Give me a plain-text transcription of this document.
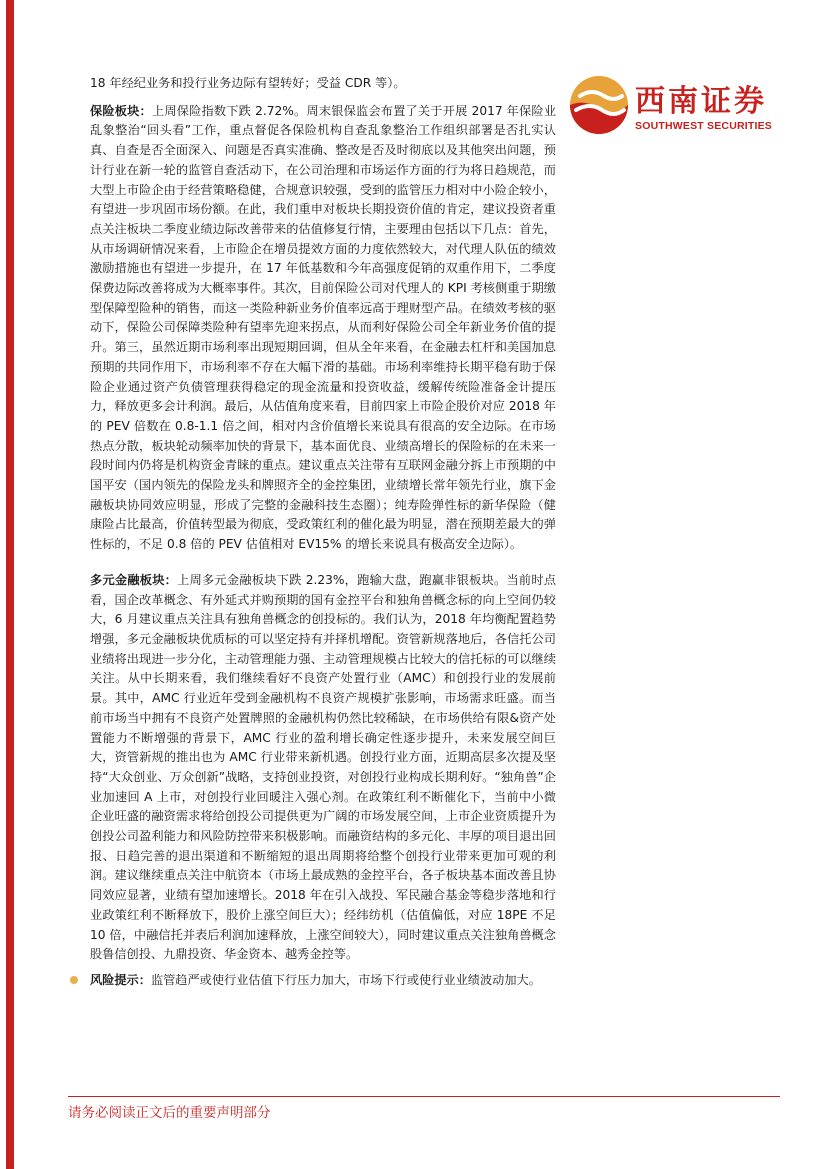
西南证券
SOUTHWEST SECURITIES

18 年经纪业务和投行业务边际有望转好；受益 CDR 等）。

保险板块：上周保险指数下跌 2.72%。周末银保监会布置了关于开展 2017 年保险业乱象整治“回头看”工作，重点督促各保险机构自查乱象整治工作组织部署是否扎实认真、自查是否全面深入、问题是否真实准确、整改是否及时彻底以及其他突出问题，预计行业在新一轮的监管自查活动下，在公司治理和市场运作方面的行为将日趋规范，而大型上市险企由于经营策略稳健，合规意识较强，受到的监管压力相对中小险企较小，有望进一步巩固市场份额。在此，我们重申对板块长期投资价值的肯定，建议投资者重点关注板块二季度业绩边际改善带来的估值修复行情，主要理由包括以下几点：首先，从市场调研情况来看，上市险企在增员提效方面的力度依然较大，对代理人队伍的绩效激励措施也有望进一步提升，在 17 年低基数和今年高强度促销的双重作用下，二季度保费边际改善将成为大概率事件。其次，目前保险公司对代理人的 KPI 考核侧重于期缴型保障型险种的销售，而这一类险种新业务价值率远高于理财型产品。在绩效考核的驱动下，保险公司保障类险种有望率先迎来拐点，从而利好保险公司全年新业务价值的提升。第三，虽然近期市场利率出现短期回调，但从全年来看，在金融去杠杆和美国加息预期的共同作用下，市场利率不存在大幅下滑的基础。市场利率维持长期平稳有助于保险企业通过资产负债管理获得稳定的现金流量和投资收益，缓解传统险准备金计提压力，释放更多会计利润。最后，从估值角度来看，目前四家上市险企股价对应 2018 年的 PEV 倍数在 0.8-1.1 倍之间，相对内含价值增长来说具有很高的安全边际。在市场热点分散，板块轮动频率加快的背景下，基本面优良、业绩高增长的保险标的在未来一段时间内仍将是机构资金青睐的重点。建议重点关注带有互联网金融分拆上市预期的中国平安（国内领先的保险龙头和牌照齐全的金控集团，业绩增长常年领先行业，旗下金融板块协同效应明显，形成了完整的金融科技生态圈）；纯寿险弹性标的新华保险（健康险占比最高，价值转型最为彻底，受政策红利的催化最为明显，潜在预期差最大的弹性标的，不足 0.8 倍的 PEV 估值相对 EV15% 的增长来说具有极高安全边际）。

多元金融板块：上周多元金融板块下跌 2.23%，跑输大盘，跑赢非银板块。当前时点看，国企改革概念、有外延式并购预期的国有金控平台和独角兽概念标的向上空间仍较大，6 月建议重点关注具有独角兽概念的创投标的。我们认为，2018 年均衡配置趋势增强，多元金融板块优质标的可以坚定持有并择机增配。资管新规落地后，各信托公司业绩将出现进一步分化，主动管理能力强、主动管理规模占比较大的信托标的可以继续关注。从中长期来看，我们继续看好不良资产处置行业（AMC）和创投行业的发展前景。其中，AMC 行业近年受到金融机构不良资产规模扩张影响，市场需求旺盛。而当前市场当中拥有不良资产处置牌照的金融机构仍然比较稀缺，在市场供给有限&资产处置能力不断增强的背景下，AMC 行业的盈利增长确定性逐步提升，未来发展空间巨大，资管新规的推出也为 AMC 行业带来新机遇。创投行业方面，近期高层多次提及坚持“大众创业、万众创新”战略，支持创业投资，对创投行业构成长期利好。“独角兽”企业加速回 A 上市，对创投行业回暖注入强心剂。在政策红利不断催化下，当前中小微企业旺盛的融资需求将给创投公司提供更为广阔的市场发展空间，上市企业资质提升为创投公司盈利能力和风险防控带来积极影响。而融资结构的多元化、丰厚的项目退出回报、日趋完善的退出渠道和不断缩短的退出周期将给整个创投行业带来更加可观的利润。建议继续重点关注中航资本（市场上最成熟的金控平台，各子板块基本面改善且协同效应显著，业绩有望加速增长。2018 年在引入战投、军民融合基金等稳步落地和行业政策红利不断释放下，股价上涨空间巨大）；经纬纺机（估值偏低，对应 18PE 不足 10 倍，中融信托并表后利润加速释放，上涨空间较大），同时建议重点关注独角兽概念股鲁信创投、九鼎投资、华金资本、越秀金控等。

风险提示：监管趋严或使行业估值下行压力加大，市场下行或使行业业绩波动加大。

请务必阅读正文后的重要声明部分
